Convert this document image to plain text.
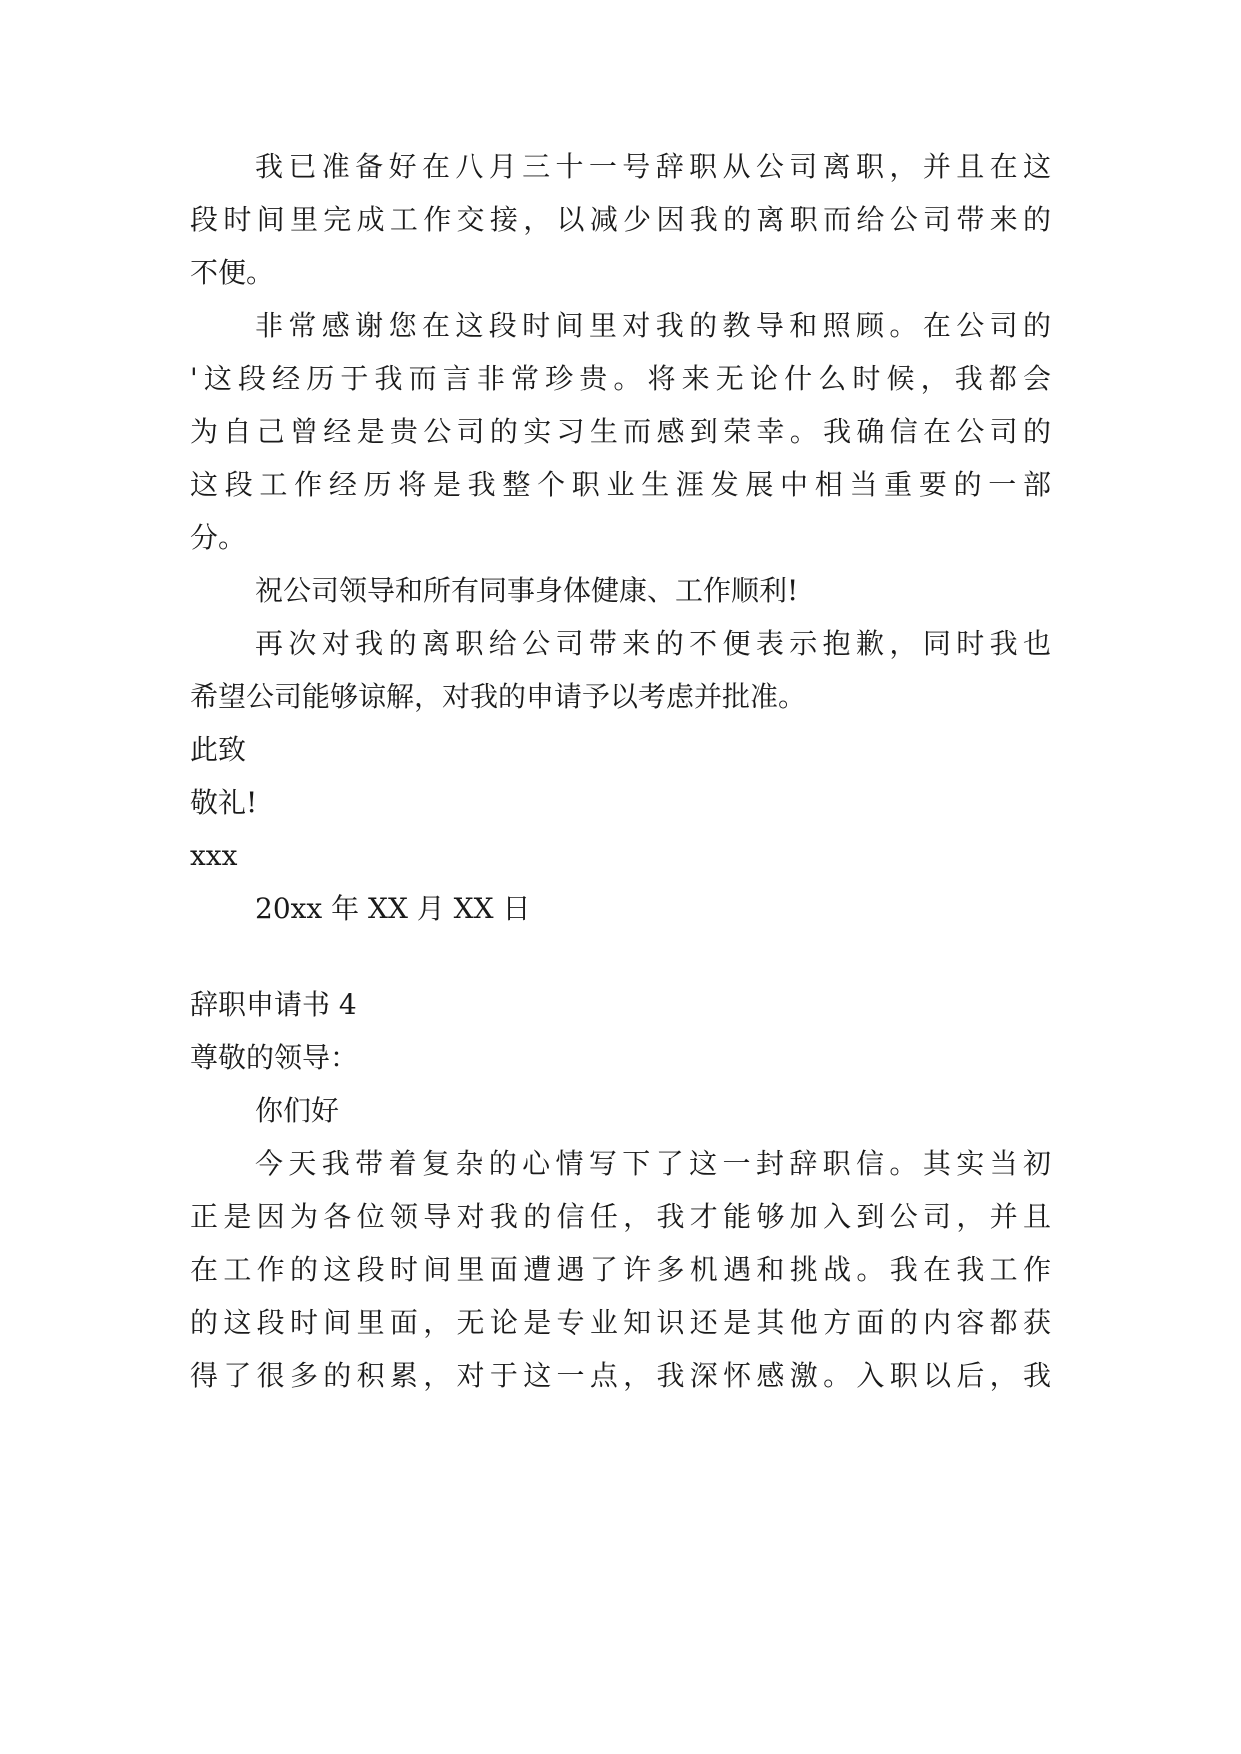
我已准备好在八月三十一号辞职从公司离职，并且在这

段时间里完成工作交接，以减少因我的离职而给公司带来的

不便。

非常感谢您在这段时间里对我的教导和照顾。在公司的

'这段经历于我而言非常珍贵。将来无论什么时候，我都会

为自己曾经是贵公司的实习生而感到荣幸。我确信在公司的

这段工作经历将是我整个职业生涯发展中相当重要的一部

分。

祝公司领导和所有同事身体健康、工作顺利!

再次对我的离职给公司带来的不便表示抱歉，同时我也

希望公司能够谅解，对我的申请予以考虑并批准。

此致

敬礼!

xxx

20xx 年 XX 月 XX 日

辞职申请书 4

尊敬的领导：

你们好

今天我带着复杂的心情写下了这一封辞职信。其实当初

正是因为各位领导对我的信任，我才能够加入到公司，并且

在工作的这段时间里面遭遇了许多机遇和挑战。我在我工作

的这段时间里面，无论是专业知识还是其他方面的内容都获

得了很多的积累，对于这一点，我深怀感激。入职以后，我
